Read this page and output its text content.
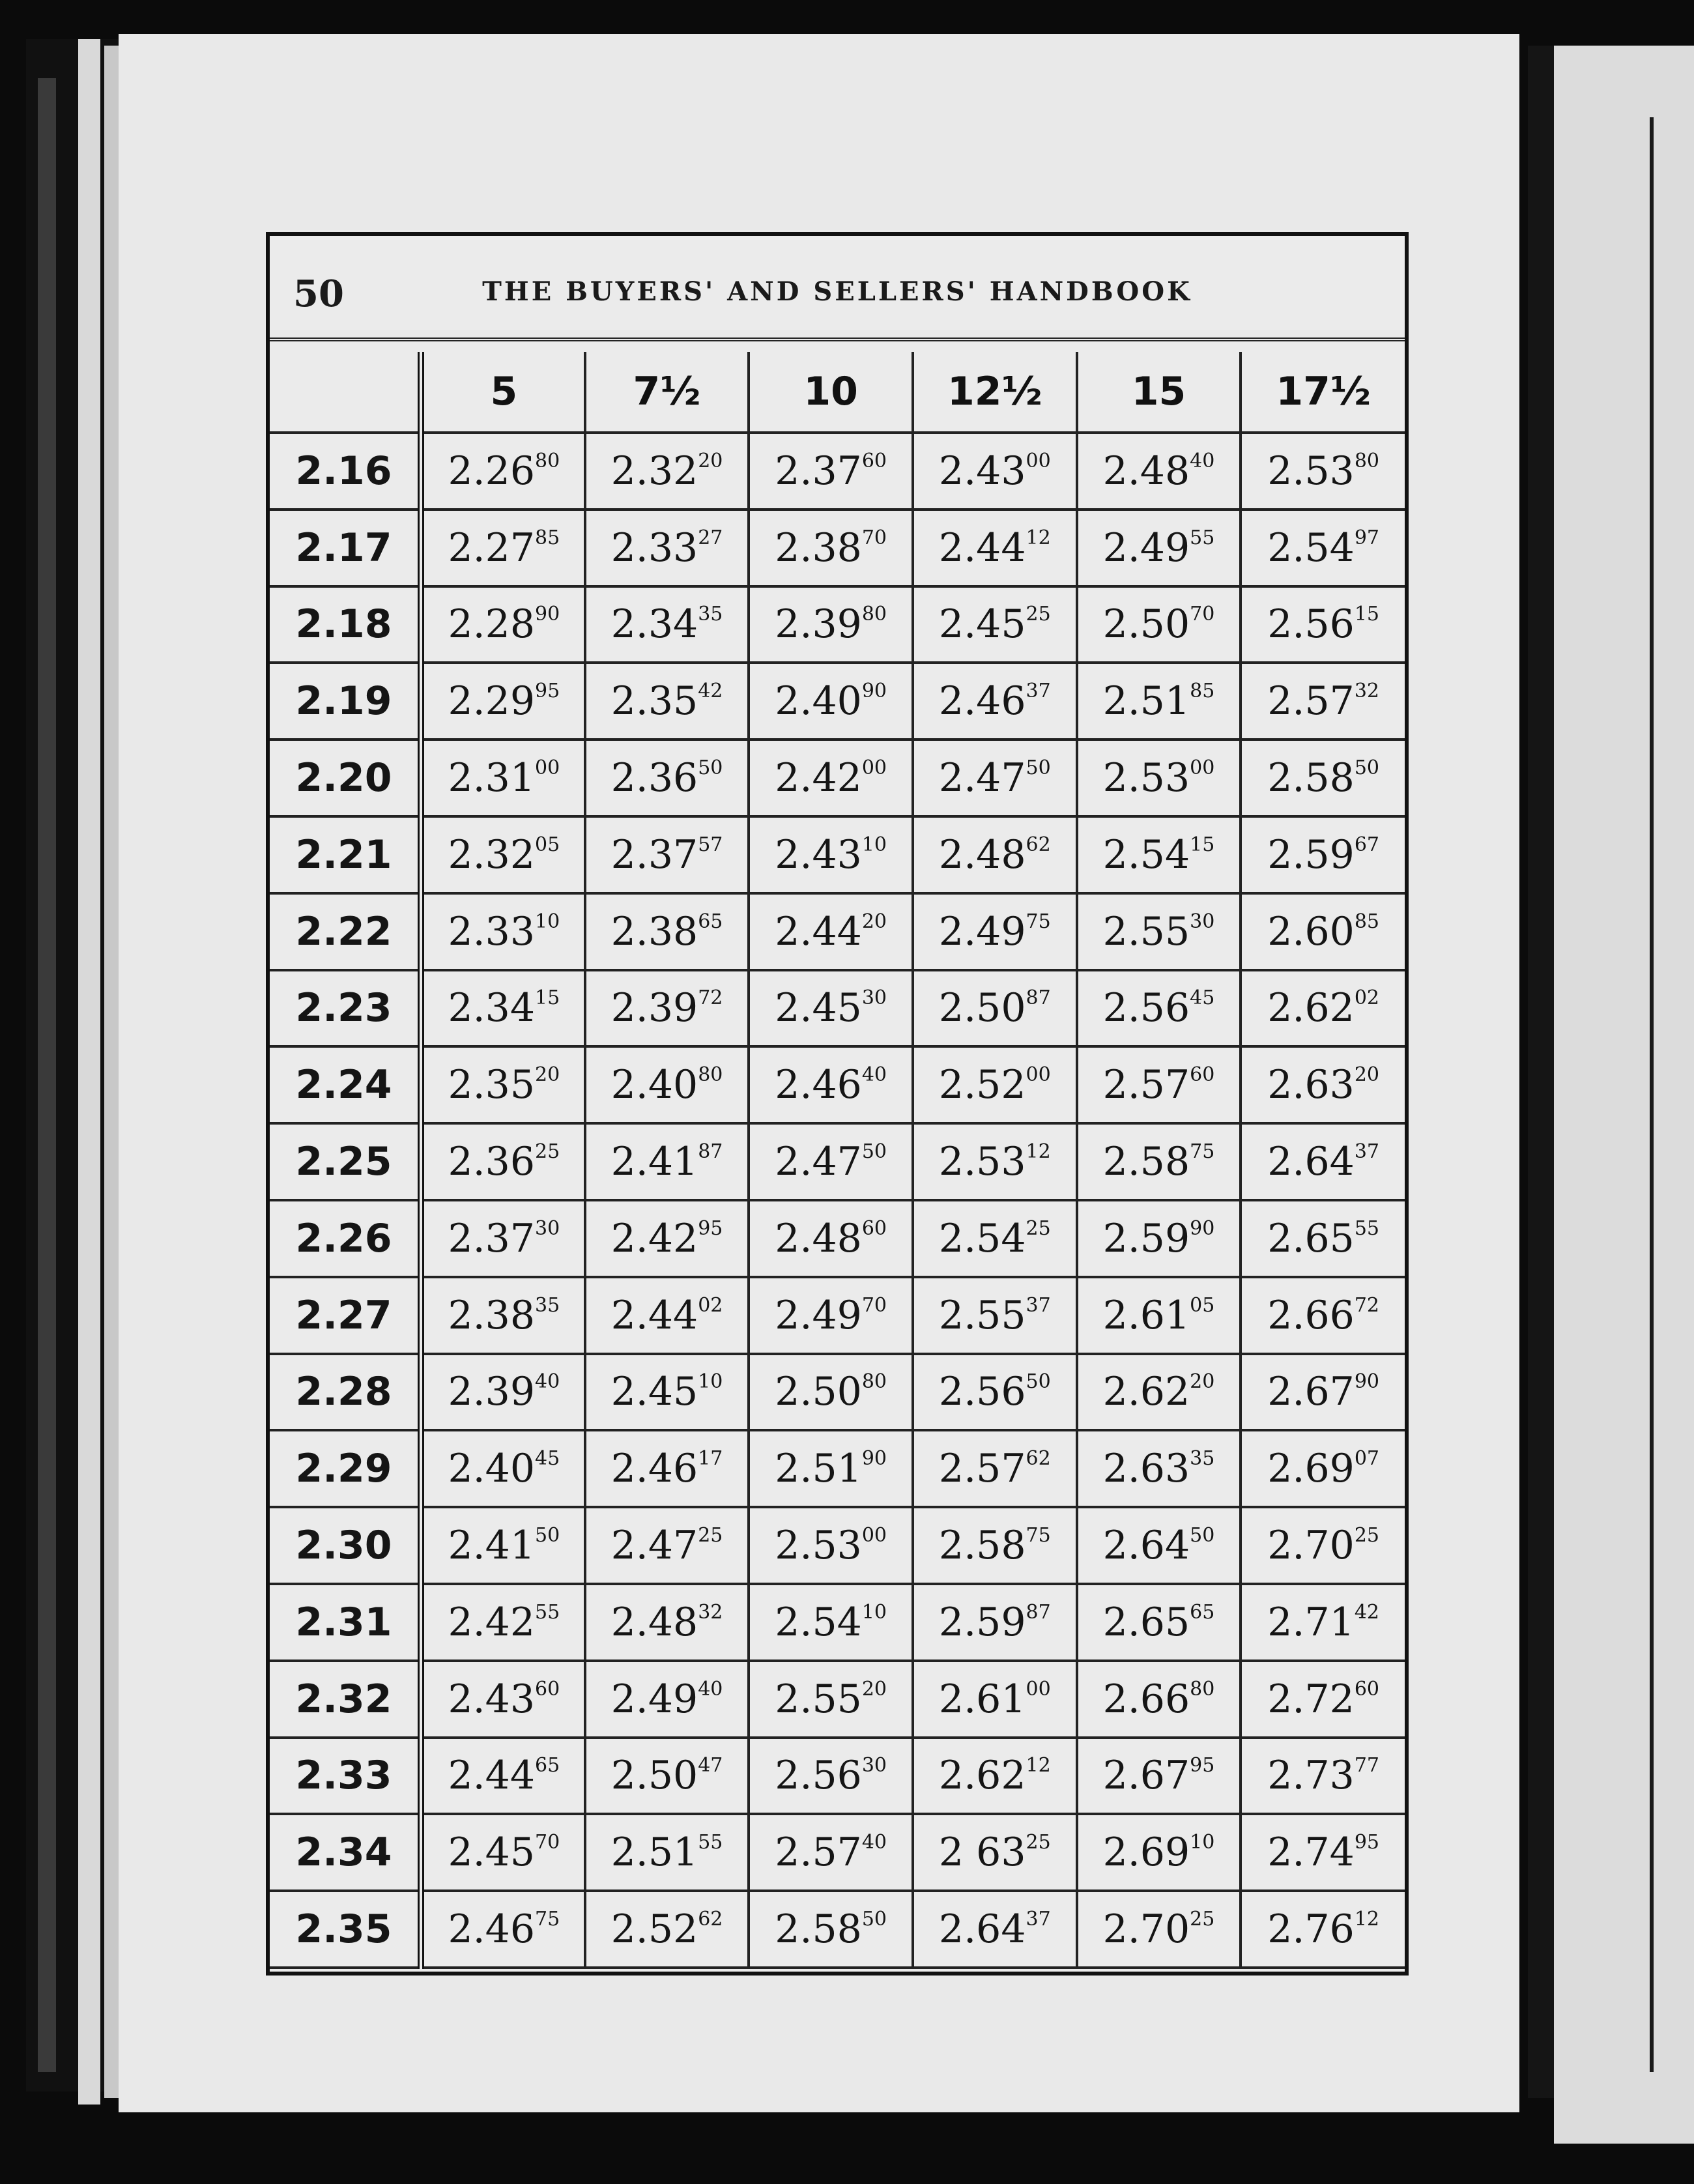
50	THE BUYERS' AND SELLERS' HANDBOOK
	5	7½	10	12½	15	17½
2.16	2.26$^{80}$	2.32$^{20}$	2.37$^{60}$	2.43$^{00}$	2.48$^{40}$	2.53$^{80}$
2.17	2.27$^{85}$	2.33$^{27}$	2.38$^{70}$	2.44$^{12}$	2.49$^{55}$	2.54$^{97}$
2.18	2.28$^{90}$	2.34$^{35}$	2.39$^{80}$	2.45$^{25}$	2.50$^{70}$	2.56$^{15}$
2.19	2.29$^{95}$	2.35$^{42}$	2.40$^{90}$	2.46$^{37}$	2.51$^{85}$	2.57$^{32}$
2.20	2.31$^{00}$	2.36$^{50}$	2.42$^{00}$	2.47$^{50}$	2.53$^{00}$	2.58$^{50}$
2.21	2.32$^{05}$	2.37$^{57}$	2.43$^{10}$	2.48$^{62}$	2.54$^{15}$	2.59$^{67}$
2.22	2.33$^{10}$	2.38$^{65}$	2.44$^{20}$	2.49$^{75}$	2.55$^{30}$	2.60$^{85}$
2.23	2.34$^{15}$	2.39$^{72}$	2.45$^{30}$	2.50$^{87}$	2.56$^{45}$	2.62$^{02}$
2.24	2.35$^{20}$	2.40$^{80}$	2.46$^{40}$	2.52$^{00}$	2.57$^{60}$	2.63$^{20}$
2.25	2.36$^{25}$	2.41$^{87}$	2.47$^{50}$	2.53$^{12}$	2.58$^{75}$	2.64$^{37}$
2.26	2.37$^{30}$	2.42$^{95}$	2.48$^{60}$	2.54$^{25}$	2.59$^{90}$	2.65$^{55}$
2.27	2.38$^{35}$	2.44$^{02}$	2.49$^{70}$	2.55$^{37}$	2.61$^{05}$	2.66$^{72}$
2.28	2.39$^{40}$	2.45$^{10}$	2.50$^{80}$	2.56$^{50}$	2.62$^{20}$	2.67$^{90}$
2.29	2.40$^{45}$	2.46$^{17}$	2.51$^{90}$	2.57$^{62}$	2.63$^{35}$	2.69$^{07}$
2.30	2.41$^{50}$	2.47$^{25}$	2.53$^{00}$	2.58$^{75}$	2.64$^{50}$	2.70$^{25}$
2.31	2.42$^{55}$	2.48$^{32}$	2.54$^{10}$	2.59$^{87}$	2.65$^{65}$	2.71$^{42}$
2.32	2.43$^{60}$	2.49$^{40}$	2.55$^{20}$	2.61$^{00}$	2.66$^{80}$	2.72$^{60}$
2.33	2.44$^{65}$	2.50$^{47}$	2.56$^{30}$	2.62$^{12}$	2.67$^{95}$	2.73$^{77}$
2.34	2.45$^{70}$	2.51$^{55}$	2.57$^{40}$	2 $63^{25}$	2.69$^{10}$	2.74$^{95}$
2.35	2.46$^{75}$	2.52$^{62}$	2.58$^{50}$	2.64$^{37}$	2.70$^{25}$	2.76$^{12}$
